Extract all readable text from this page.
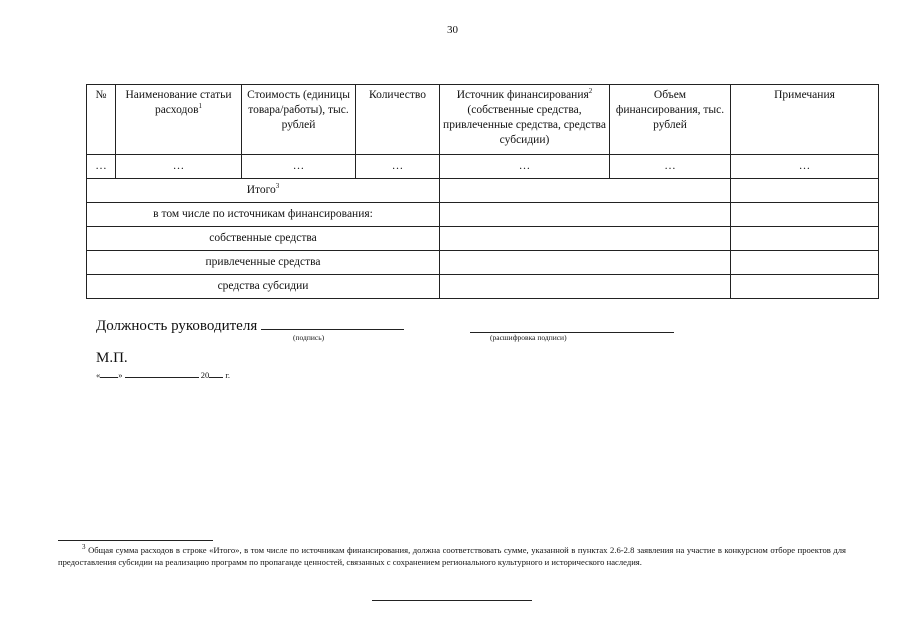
30
№	Наименование статьи расходов$^1$	Стоимость (единицы товара/работы), тыс. рублей	Количество	Источник финансирования$^2$ (собственные средства, привлеченные средства, средства субсидии)	Объем финансирования, тыс. рублей	Примечания
…	…	…	…	…	…	…
Итого$^3$		
в том числе по источникам финансирования:						
собственные средства						
привлеченные средства						
средства субсидии						
Должность руководителя
(подпись)	(расшифровка подписи)
М.П.
« »	20 г.
$^3$ Общая сумма расходов в строке «Итого», в том числе по источникам финансирования, должна соответствовать сумме, указанной в пунктах 2.6-2.8 заявления на участие в конкурсном отборе проектов для предоставления субсидии на реализацию программ по пропаганде ценностей, связанных с сохранением регионального культурного и исторического наследия.
